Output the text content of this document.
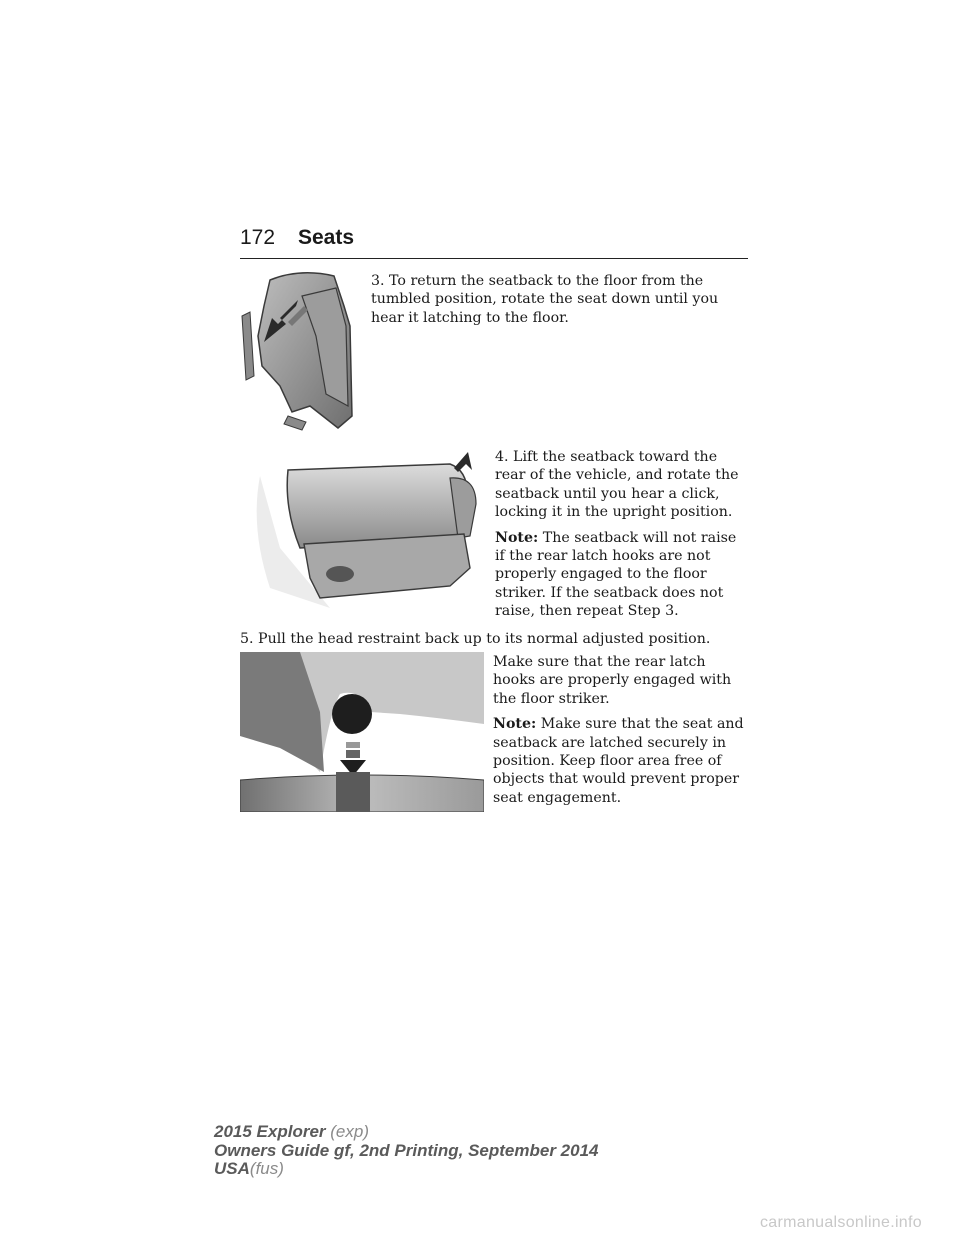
172 Seats

3. To return the seatback to the floor from the tumbled position, rotate the seat down until you hear it latching to the floor.

4. Lift the seatback toward the rear of the vehicle, and rotate the seatback until you hear a click, locking it in the upright position.

Note: The seatback will not raise if the rear latch hooks are not properly engaged to the floor striker. If the seatback does not raise, then repeat Step 3.

5. Pull the head restraint back up to its normal adjusted position.

Make sure that the rear latch hooks are properly engaged with the floor striker.

Note: Make sure that the seat and seatback are latched securely in position. Keep floor area free of objects that would prevent proper seat engagement.

2015 Explorer (exp)
Owners Guide gf, 2nd Printing, September 2014
USA(fus)
carmanualsonline.info
